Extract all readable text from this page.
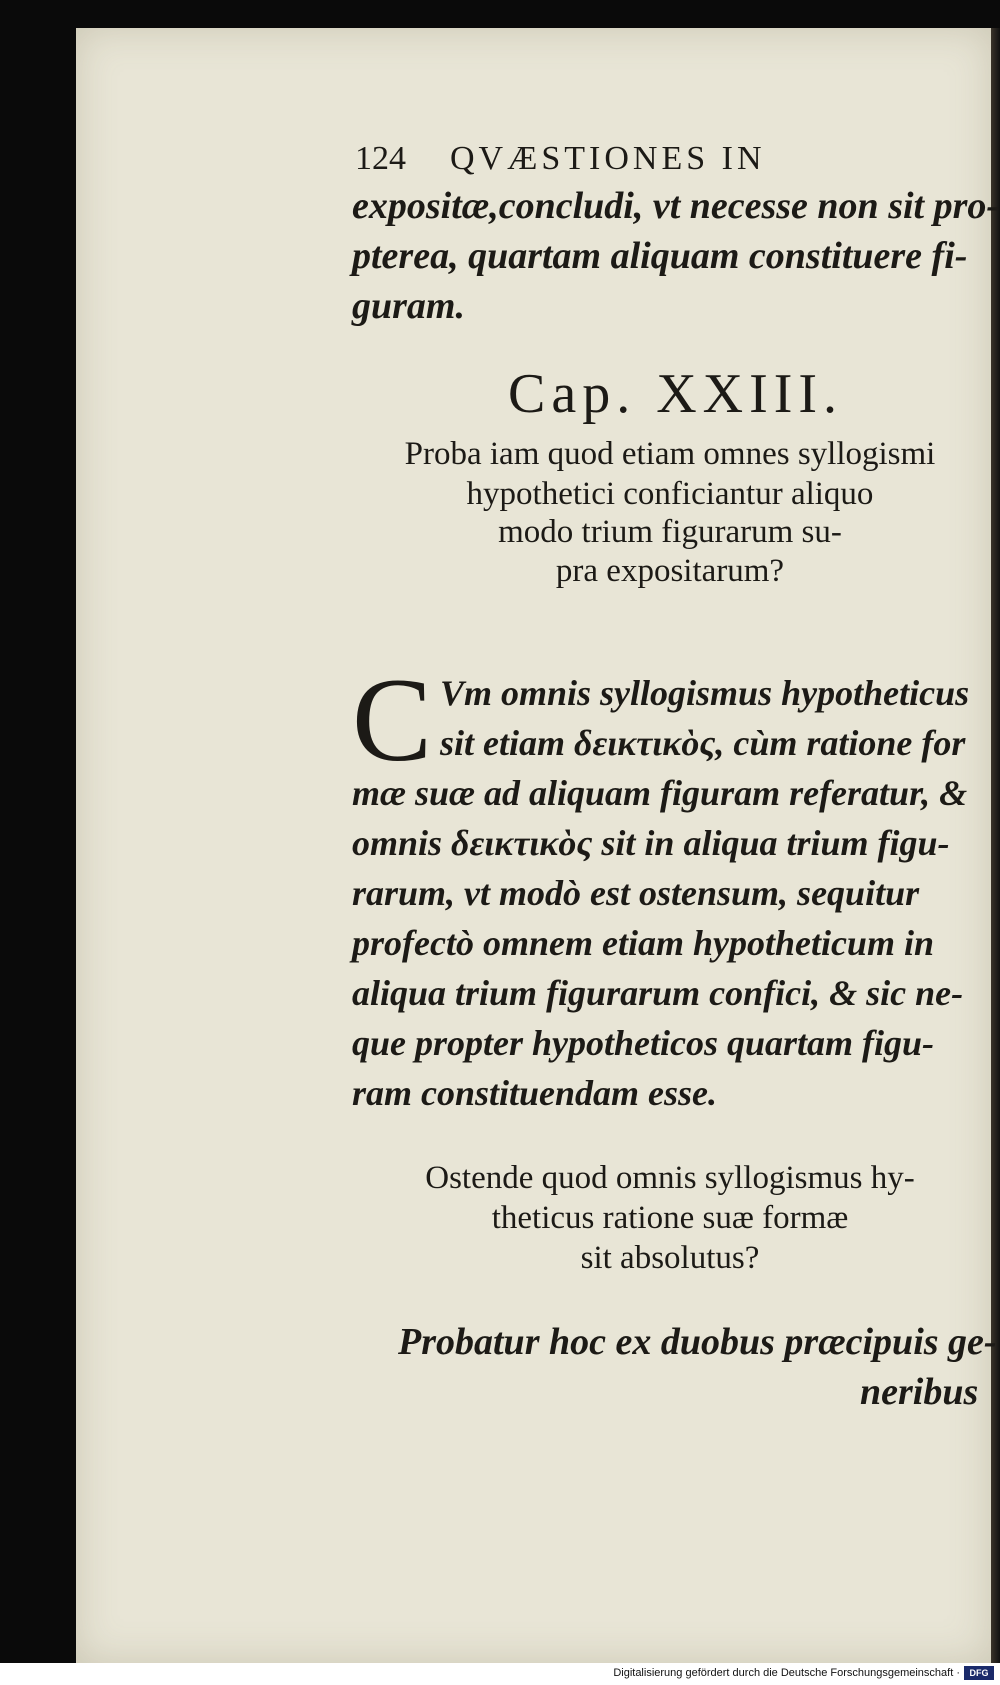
124 QVÆSTIONES IN
expositæ,concludi, vt necesse non sit pro-
pterea, quartam aliquam constituere fi-
guram.
Cap. XXIII.
Proba iam quod etiam omnes syllogismi
hypothetici conficiantur aliquo
modo trium figurarum su-
pra expositarum?
C Vm omnis syllogismus hypotheticus
sit etiam δεικτικὸς, cùm ratione for
mæ suæ ad aliquam figuram referatur, &
omnis δεικτικὸς sit in aliqua trium figu-
rarum, vt modò est ostensum, sequitur
profectò omnem etiam hypotheticum in
aliqua trium figurarum confici, & sic ne-
que propter hypotheticos quartam figu-
ram constituendam esse.
Ostende quod omnis syllogismus hy-
theticus ratione suæ formæ
sit absolutus?
Probatur hoc ex duobus præcipuis ge-
neribus
Digitalisierung gefördert durch die Deutsche Forschungsgemeinschaft ·	DFG
